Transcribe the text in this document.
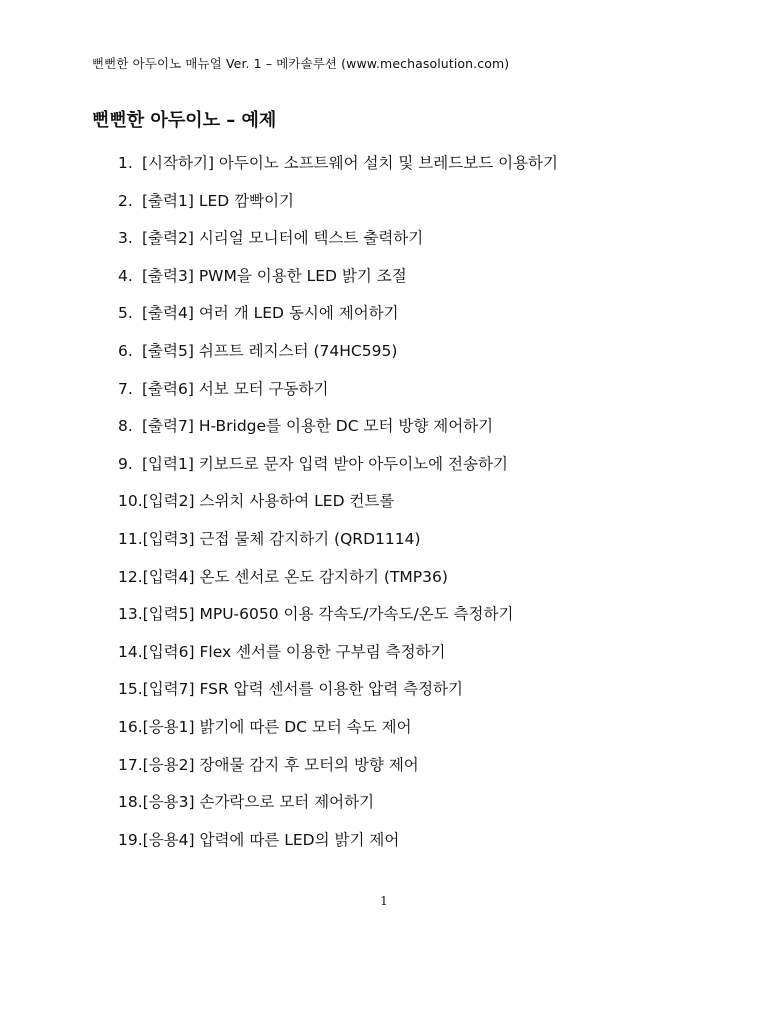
뻔뻔한 아두이노 매뉴얼 Ver. 1 – 메카솔루션 (www.mechasolution.com)
뻔뻔한 아두이노 – 예제
1. [시작하기] 아두이노 소프트웨어 설치 및 브레드보드 이용하기
2. [출력1] LED 깜빡이기
3. [출력2] 시리얼 모니터에 텍스트 출력하기
4. [출력3] PWM을 이용한 LED 밝기 조절
5. [출력4] 여러 개 LED 동시에 제어하기
6. [출력5] 쉬프트 레지스터 (74HC595)
7. [출력6] 서보 모터 구동하기
8. [출력7] H-Bridge를 이용한 DC 모터 방향 제어하기
9. [입력1] 키보드로 문자 입력 받아 아두이노에 전송하기
10. [입력2] 스위치 사용하여 LED 컨트롤
11. [입력3] 근접 물체 감지하기 (QRD1114)
12. [입력4] 온도 센서로 온도 감지하기 (TMP36)
13. [입력5] MPU-6050 이용 각속도/가속도/온도 측정하기
14. [입력6] Flex 센서를 이용한 구부림 측정하기
15. [입력7] FSR 압력 센서를 이용한 압력 측정하기
16. [응용1] 밝기에 따른 DC 모터 속도 제어
17. [응용2] 장애물 감지 후 모터의 방향 제어
18. [응용3] 손가락으로 모터 제어하기
19. [응용4] 압력에 따른 LED의 밝기 제어
1
